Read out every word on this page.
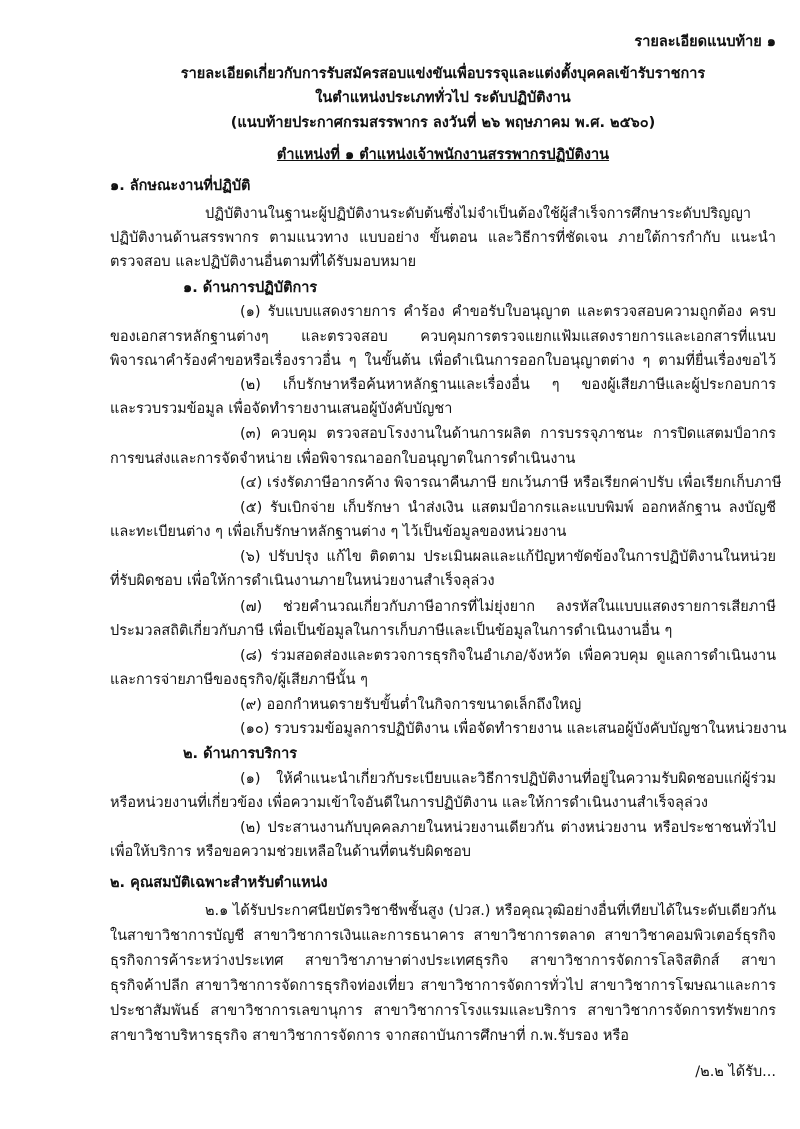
รายละเอียดแนบท้าย ๑
/๒.๒ ได้รับ...
รายละเอียดเกี่ยวกับการรับสมัครสอบแข่งขันเพื่อบรรจุและแต่งตั้งบุคคลเข้ารับราชการ
ในตำแหน่งประเภททั่วไป ระดับปฏิบัติงาน
(แนบท้ายประกาศกรมสรรพากร ลงวันที่ ๒๖ พฤษภาคม พ.ศ. ๒๕๖๐)
ตำแหน่งที่ ๑ ตำแหน่งเจ้าพนักงานสรรพากรปฏิบัติงาน
๑. ลักษณะงานที่ปฏิบัติ
ปฏิบัติงานในฐานะผู้ปฏิบัติงานระดับต้นซึ่งไม่จำเป็นต้องใช้ผู้สำเร็จการศึกษาระดับปริญญา
ปฏิบัติงานด้านสรรพากร ตามแนวทาง แบบอย่าง ขั้นตอน และวิธีการที่ชัดเจน ภายใต้การกำกับ แนะนำ
ตรวจสอบ และปฏิบัติงานอื่นตามที่ได้รับมอบหมาย
๑. ด้านการปฏิบัติการ
(๑) รับแบบแสดงรายการ คำร้อง คำขอรับใบอนุญาต และตรวจสอบความถูกต้อง ครบ
ของเอกสารหลักฐานต่างๆ และตรวจสอบ ควบคุมการตรวจแยกแฟ้มแสดงรายการและเอกสารที่แนบ
พิจารณาคำร้องคำขอหรือเรื่องราวอื่น ๆ ในขั้นต้น เพื่อดำเนินการออกใบอนุญาตต่าง ๆ ตามที่ยื่นเรื่องขอไว้
(๒) เก็บรักษาหรือค้นหาหลักฐานและเรื่องอื่น ๆ ของผู้เสียภาษีและผู้ประกอบการ
และรวบรวมข้อมูล เพื่อจัดทำรายงานเสนอผู้บังคับบัญชา
(๓) ควบคุม ตรวจสอบโรงงานในด้านการผลิต การบรรจุภาชนะ การปิดแสตมป์อากร
การขนส่งและการจัดจำหน่าย เพื่อพิจารณาออกใบอนุญาตในการดำเนินงาน
(๔) เร่งรัดภาษีอากรค้าง พิจารณาคืนภาษี ยกเว้นภาษี หรือเรียกค่าปรับ เพื่อเรียกเก็บภาษี
(๕) รับเบิกจ่าย เก็บรักษา นำส่งเงิน แสตมป์อากรและแบบพิมพ์ ออกหลักฐาน ลงบัญชี
และทะเบียนต่าง ๆ เพื่อเก็บรักษาหลักฐานต่าง ๆ ไว้เป็นข้อมูลของหน่วยงาน
(๖) ปรับปรุง แก้ไข ติดตาม ประเมินผลและแก้ปัญหาขัดข้องในการปฏิบัติงานในหน่วย
ที่รับผิดชอบ เพื่อให้การดำเนินงานภายในหน่วยงานสำเร็จลุล่วง
(๗) ช่วยคำนวณเกี่ยวกับภาษีอากรที่ไม่ยุ่งยาก ลงรหัสในแบบแสดงรายการเสียภาษี
ประมวลสถิติเกี่ยวกับภาษี เพื่อเป็นข้อมูลในการเก็บภาษีและเป็นข้อมูลในการดำเนินงานอื่น ๆ
(๘) ร่วมสอดส่องและตรวจการธุรกิจในอำเภอ/จังหวัด เพื่อควบคุม ดูแลการดำเนินงาน
และการจ่ายภาษีของธุรกิจ/ผู้เสียภาษีนั้น ๆ
(๙) ออกกำหนดรายรับขั้นต่ำในกิจการขนาดเล็กถึงใหญ่
(๑๐) รวบรวมข้อมูลการปฏิบัติงาน เพื่อจัดทำรายงาน และเสนอผู้บังคับบัญชาในหน่วยงาน
๒. ด้านการบริการ
(๑) ให้คำแนะนำเกี่ยวกับระเบียบและวิธีการปฏิบัติงานที่อยู่ในความรับผิดชอบแก่ผู้ร่วม
หรือหน่วยงานที่เกี่ยวข้อง เพื่อความเข้าใจอันดีในการปฏิบัติงาน และให้การดำเนินงานสำเร็จลุล่วง
(๒) ประสานงานกับบุคคลภายในหน่วยงานเดียวกัน ต่างหน่วยงาน หรือประชาชนทั่วไป
เพื่อให้บริการ หรือขอความช่วยเหลือในด้านที่ตนรับผิดชอบ
๒. คุณสมบัติเฉพาะสำหรับตำแหน่ง
๒.๑ ได้รับประกาศนียบัตรวิชาชีพชั้นสูง (ปวส.) หรือคุณวุฒิอย่างอื่นที่เทียบได้ในระดับเดียวกัน
ในสาขาวิชาการบัญชี สาขาวิชาการเงินและการธนาคาร สาขาวิชาการตลาด สาขาวิชาคอมพิวเตอร์ธุรกิจ
ธุรกิจการค้าระหว่างประเทศ สาขาวิชาภาษาต่างประเทศธุรกิจ สาขาวิชาการจัดการโลจิสติกส์ สาขา
ธุรกิจค้าปลีก สาขาวิชาการจัดการธุรกิจท่องเที่ยว สาขาวิชาการจัดการทั่วไป สาขาวิชาการโฆษณาและการ
ประชาสัมพันธ์ สาขาวิชาการเลขานุการ สาขาวิชาการโรงแรมและบริการ สาขาวิชาการจัดการทรัพยากร
สาขาวิชาบริหารธุรกิจ สาขาวิชาการจัดการ จากสถาบันการศึกษาที่ ก.พ.รับรอง หรือ
